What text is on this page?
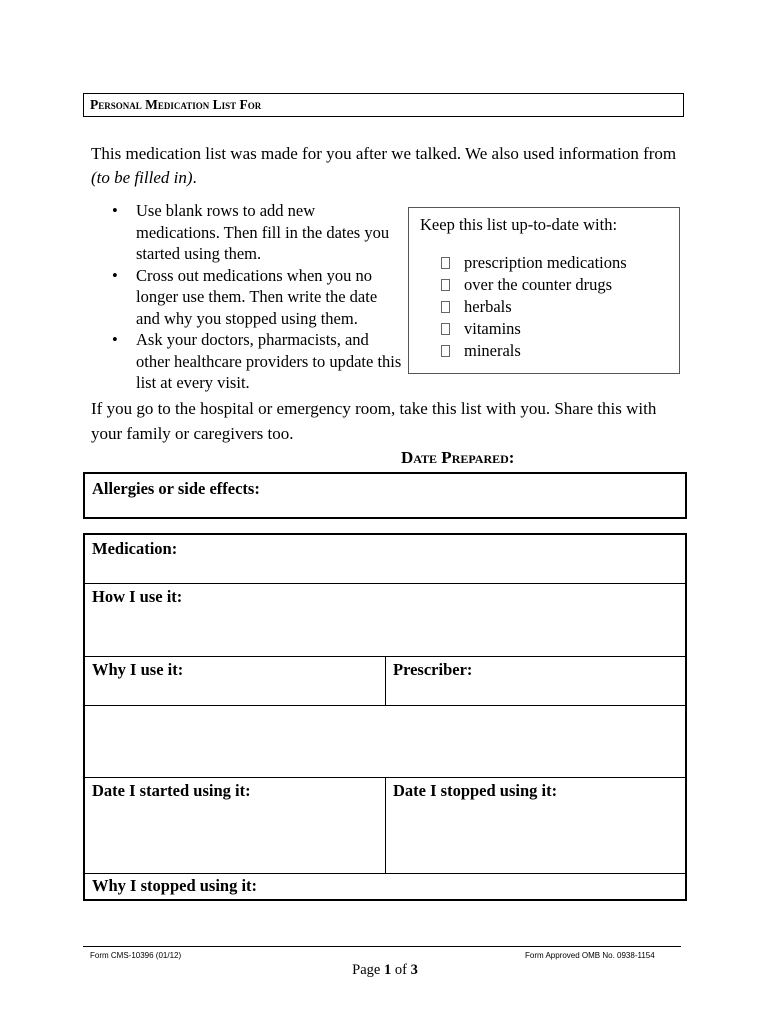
Personal Medication List For
This medication list was made for you after we talked. We also used information from (to be filled in).
• Use blank rows to add new medications. Then fill in the dates you started using them.
• Cross out medications when you no longer use them. Then write the date and why you stopped using them.
• Ask your doctors, pharmacists, and other healthcare providers to update this list at every visit.
Keep this list up-to-date with:
prescription medications
over the counter drugs
herbals
vitamins
minerals
If you go to the hospital or emergency room, take this list with you. Share this with your family or caregivers too.
Date Prepared:
Allergies or side effects:
Medication:
How I use it:
Why I use it:	Prescriber:
Date I started using it:	Date I stopped using it:
Why I stopped using it:
Form CMS-10396 (01/12)	Form Approved OMB No. 0938-1154
Page 1 of 3
